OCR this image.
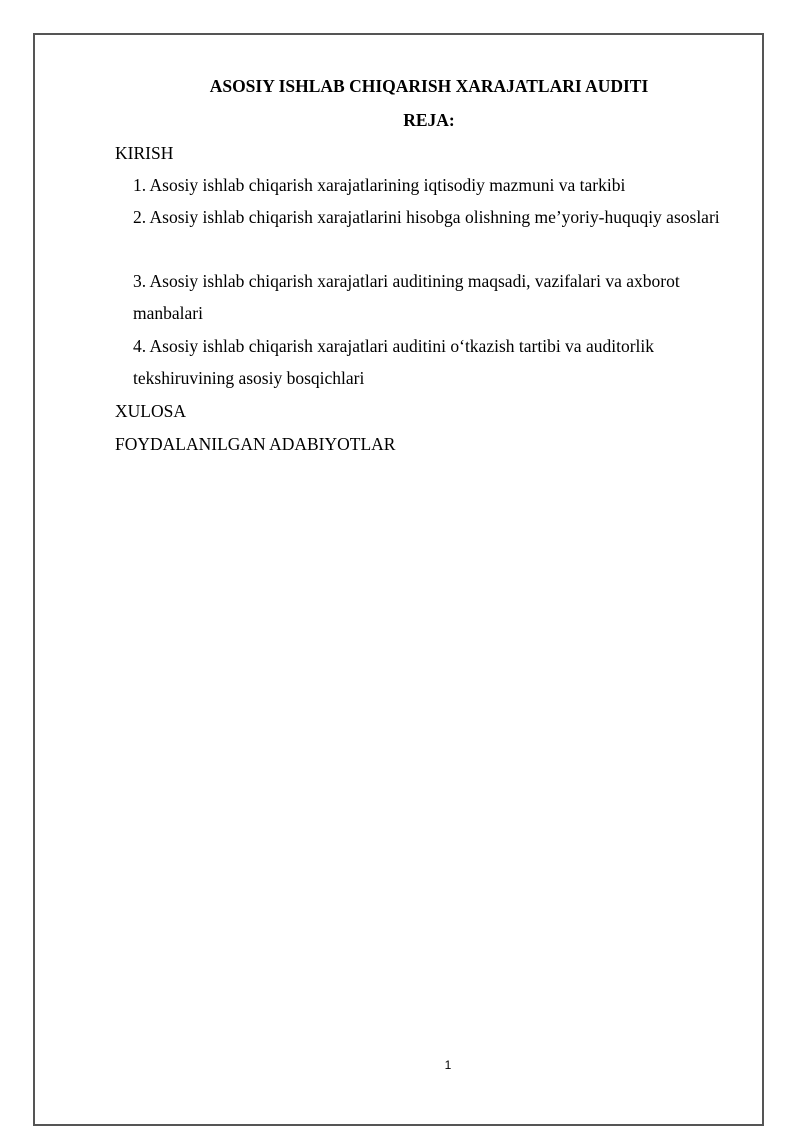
ASOSIY ISHLAB CHIQARISH XARAJATLARI AUDITI
REJA:
KIRISH
1. Asosiy ishlab chiqarish xarajatlarining iqtisodiy mazmuni va tarkibi
2. Asosiy ishlab chiqarish xarajatlarini hisobga olishning me’yoriy-huquqiy asoslari
3. Asosiy ishlab chiqarish xarajatlari auditining maqsadi, vazifalari va axborot manbalari
4. Asosiy ishlab chiqarish xarajatlari auditini o‘tkazish tartibi va auditorlik tekshiruvining asosiy bosqichlari
XULOSA
FOYDALANILGAN ADABIYOTLAR
1
